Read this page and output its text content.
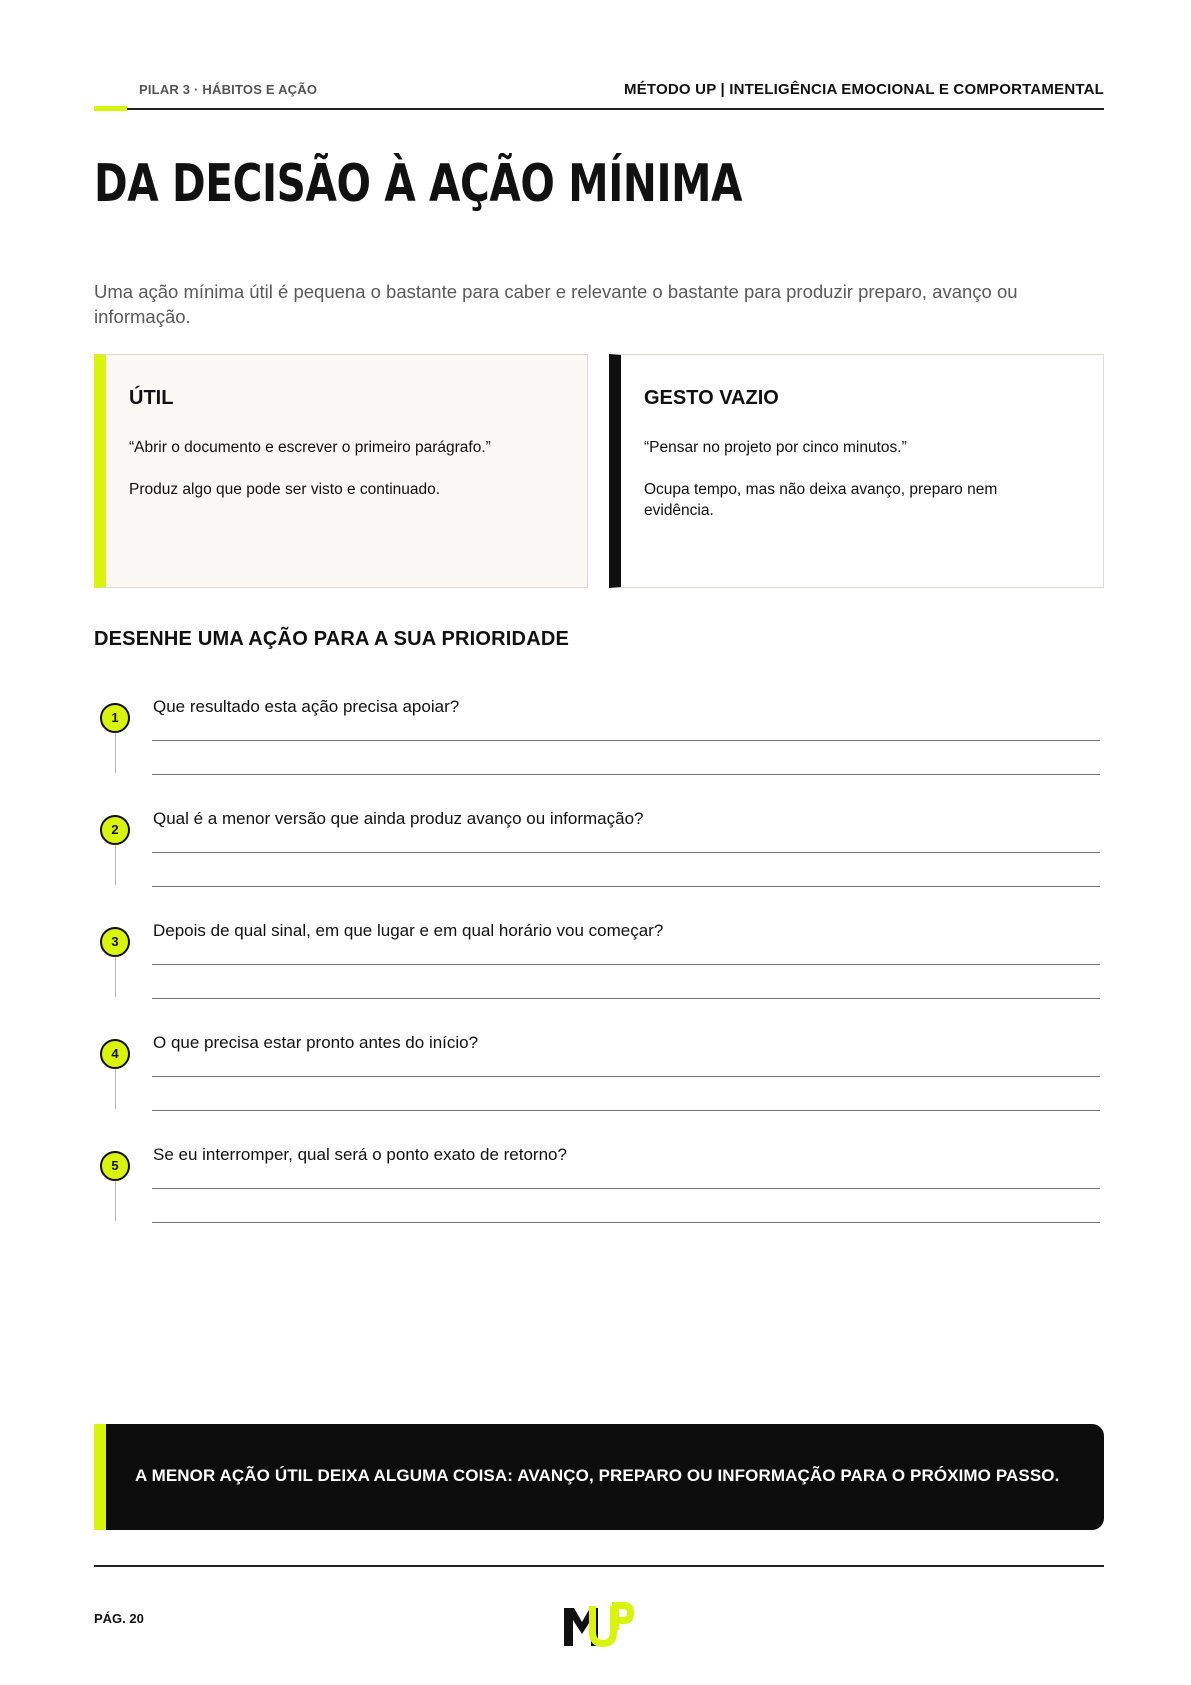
PILAR 3 · HÁBITOS E AÇÃO	MÉTODO UP | INTELIGÊNCIA EMOCIONAL E COMPORTAMENTAL
DA DECISÃO À AÇÃO MÍNIMA

Uma ação mínima útil é pequena o bastante para caber e relevante o bastante para produzir preparo, avanço ou informação.

ÚTIL

“Abrir o documento e escrever o primeiro parágrafo.”

Produz algo que pode ser visto e continuado.

GESTO VAZIO

“Pensar no projeto por cinco minutos.”

Ocupa tempo, mas não deixa avanço, preparo nem evidência.

DESENHE UMA AÇÃO PARA A SUA PRIORIDADE
1

Que resultado esta ação precisa apoiar?

2

Qual é a menor versão que ainda produz avanço ou informação?

3

Depois de qual sinal, em que lugar e em qual horário vou começar?

4

O que precisa estar pronto antes do início?

5

Se eu interromper, qual será o ponto exato de retorno?

A MENOR AÇÃO ÚTIL DEIXA ALGUMA COISA: AVANÇO, PREPARO OU INFORMAÇÃO PARA O PRÓXIMO PASSO.

PÁG. 20
